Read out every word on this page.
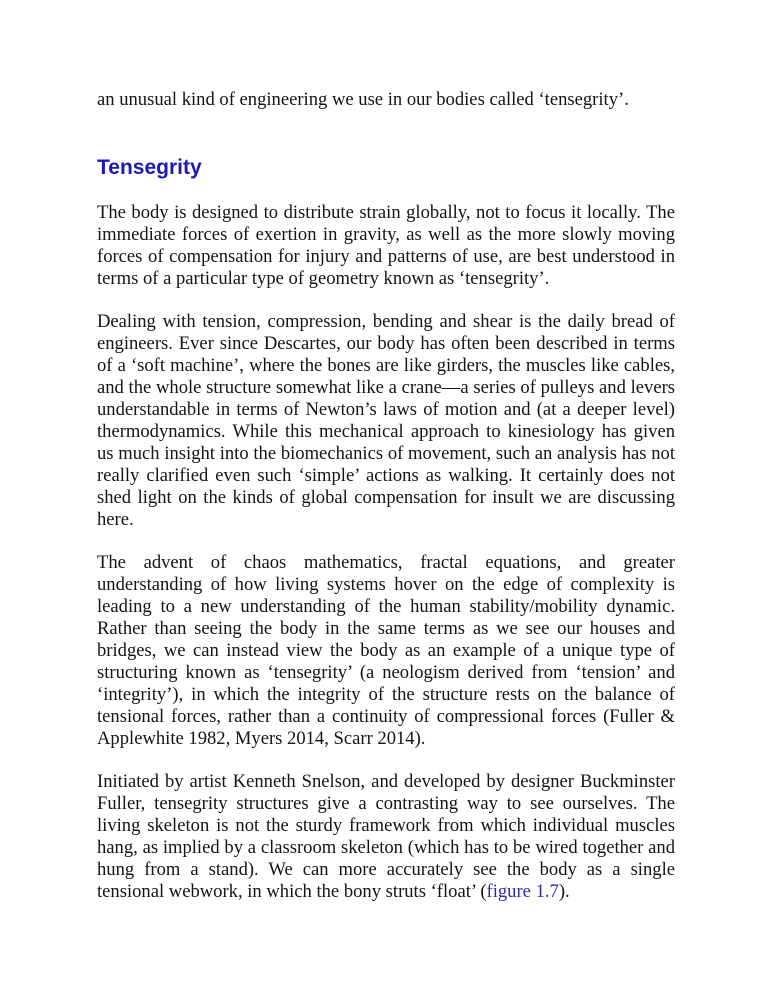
an unusual kind of engineering we use in our bodies called ‘tensegrity’.

Tensegrity

The body is designed to distribute strain globally, not to focus it locally. The immediate forces of exertion in gravity, as well as the more slowly moving forces of compensation for injury and patterns of use, are best understood in terms of a particular type of geometry known as ‘tensegrity’.

Dealing with tension, compression, bending and shear is the daily bread of engineers. Ever since Descartes, our body has often been described in terms of a ‘soft machine’, where the bones are like girders, the muscles like cables, and the whole structure somewhat like a crane—a series of pulleys and levers understandable in terms of Newton’s laws of motion and (at a deeper level) thermodynamics. While this mechanical approach to kinesiology has given us much insight into the biomechanics of movement, such an analysis has not really clarified even such ‘simple’ actions as walking. It certainly does not shed light on the kinds of global compensation for insult we are discussing here.

The advent of chaos mathematics, fractal equations, and greater understanding of how living systems hover on the edge of complexity is leading to a new understanding of the human stability/mobility dynamic. Rather than seeing the body in the same terms as we see our houses and bridges, we can instead view the body as an example of a unique type of structuring known as ‘tensegrity’ (a neologism derived from ‘tension’ and ‘integrity’), in which the integrity of the structure rests on the balance of tensional forces, rather than a continuity of compressional forces (Fuller & Applewhite 1982, Myers 2014, Scarr 2014).

Initiated by artist Kenneth Snelson, and developed by designer Buckminster Fuller, tensegrity structures give a contrasting way to see ourselves. The living skeleton is not the sturdy framework from which individual muscles hang, as implied by a classroom skeleton (which has to be wired together and hung from a stand). We can more accurately see the body as a single tensional webwork, in which the bony struts ‘float’ (figure 1.7).
